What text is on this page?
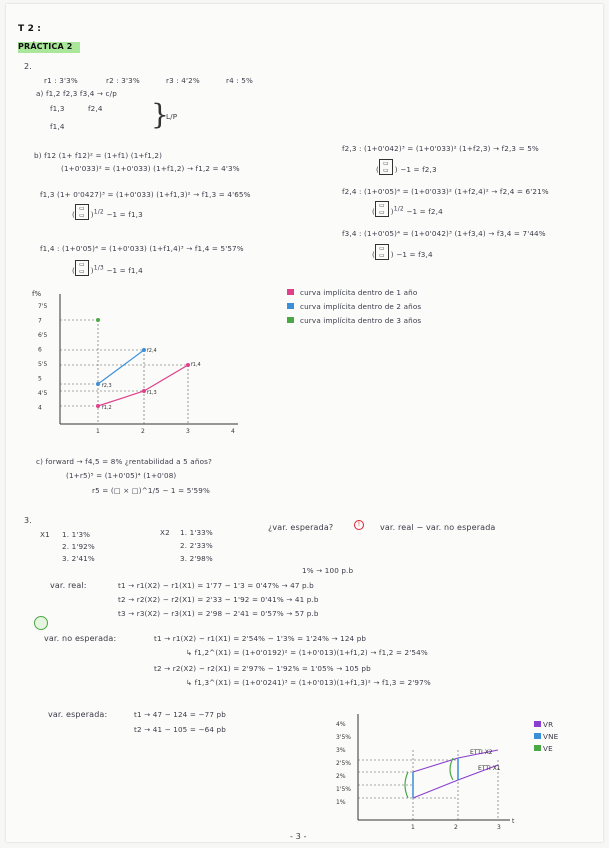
T 2 :
PRÁCTICA 2
2.
r1 : 3'3%	r2 : 3'3%	r3 : 4'2%	r4 : 5%
a) f1,2 f2,3 f3,4 → c/p
f1,3	f2,4
f1,4	}
L/P
b) f12 (1+ f12)² = (1+f1) (1+f1,2)
(1+0'033)² = (1+0'033) (1+f1,2) → f1,2 = 4'3%
f1,3 (1+ 0'0427)³ = (1+0'033) (1+f1,3)² → f1,3 = 4'65%
(▭
▭ )$^{1/2}$ −1 = f1,3
f1,4 : (1+0'05)⁴ = (1+0'033) (1+f1,4)³ → f1,4 = 5'57%
(▭
▭ )$^{1/3}$ −1 = f1,4
f2,3 : (1+0'042)³ = (1+0'033)² (1+f2,3) → f2,3 = 5%
(▭
▭ ) −1 = f2,3
f2,4 : (1+0'05)⁴ = (1+0'033)² (1+f2,4)² → f2,4 = 6'21%
(▭
▭ )$^{1/2}$ −1 = f2,4
f3,4 : (1+0'05)⁴ = (1+0'042)³ (1+f3,4) → f3,4 = 7'44%
(▭
▭ ) −1 = f3,4
f%
7'5
7
6'5
6
5'5
5
4'5
4
1	2	3	4
f1,2
f1,3
f1,4
f2,3
f2,4
curva implícita dentro de 1 año
curva implícita dentro de 2 años
curva implícita dentro de 3 años
c) forward → f4,5 = 8% ¿rentabilidad a 5 años?
(1+r5)⁵ = (1+0'05)⁴ (1+0'08)
r5 = (□ × □)^1/5 − 1 = 5'59%
3.
X1 1. 1'3%
2. 1'92%
3. 2'41%
X2 1. 1'33%
2. 2'33%
3. 2'98%
¿var. esperada?	!	var. real − var. no esperada
1% → 100 p.b
var. real:	t1 → r1(X2) − r1(X1) = 1'77 − 1'3 = 0'47% → 47 p.b
t2 → r2(X2) − r2(X1) = 2'33 − 1'92 = 0'41% → 41 p.b
t3 → r3(X2) − r3(X1) = 2'98 − 2'41 = 0'57% → 57 p.b
var. no esperada:	t1 → r1(X2) − r1(X1) = 2'54% − 1'3% = 1'24% → 124 pb
↳ f1,2^(X1) = (1+0'0192)² = (1+0'013)(1+f1,2) → f1,2 = 2'54%
t2 → r2(X2) − r2(X1) = 2'97% − 1'92% = 1'05% → 105 pb
↳ f1,3^(X1) = (1+0'0241)³ = (1+0'013)(1+f1,3)² → f1,3 = 2'97%
var. esperada:	t1 → 47 − 124 = −77 pb
t2 → 41 − 105 = −64 pb
4%
3'5%
3%
2'5%
2%
1'5%
1%
1	2	3
t
ETTI X2
ETTI X1
VR
VNE
VE
- 3 -
